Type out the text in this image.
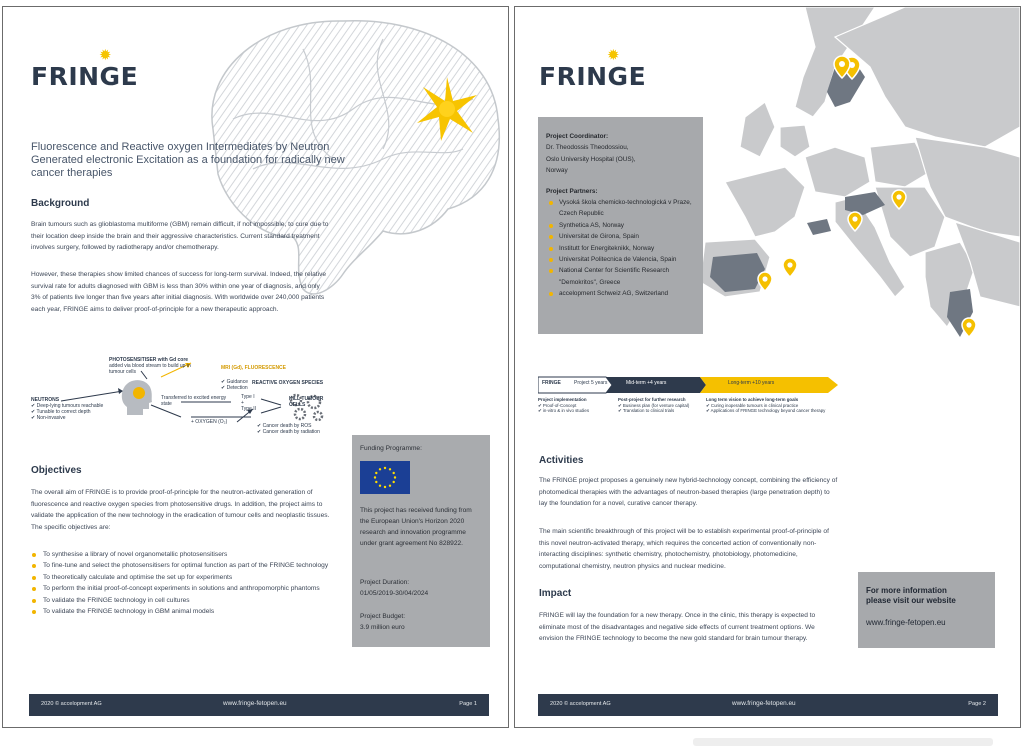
✹
FRINGE
Fluorescence and Reactive oxygen Intermediates by Neutron Generated electronic Excitation as a foundation for radically new cancer therapies
Background

Brain tumours such as glioblastoma multiforme (GBM) remain difficult, if not impossible, to cure due to their location deep inside the brain and their aggressive characteristics. Current standard treatment involves surgery, followed by radiotherapy and/or chemotherapy.

However, these therapies show limited chances of success for long-term survival. Indeed, the relative survival rate for adults diagnosed with GBM is less than 30% within one year of diagnosis, and only 3% of patients live longer than five years after initial diagnosis. With worldwide over 240,000 patients each year, FRINGE aims to deliver proof-of-principle for a new therapeutic approach.

PHOTOSENSITISER with Gd core
added via blood stream to build up in tumour cells
MRI (Gd), FLUORESCENCE
✔ Guidance
✔ Detection
REACTIVE OXYGEN SPECIES
NEUTRONS
✔ Deep-lying tumours reachable
✔ Tunable to correct depth
✔ Non-invasive
Transferred to excited energy state
Type I
+
Type II
KILL TUMOUR CELLS
+ OXYGEN (O₂)
✔ Cancer death by ROS
✔ Cancer death by radiation
Objectives

The overall aim of FRINGE is to provide proof-of-principle for the neutron-activated generation of fluorescence and reactive oxygen species from photosensitive drugs. In addition, the project aims to validate the application of the new technology in the eradication of tumour cells and neoplastic tissues. The specific objectives are:

To synthesise a library of novel organometallic photosensitisers
To fine-tune and select the photosensitisers for optimal function as part of the FRINGE technology
To theoretically calculate and optimise the set up for experiments
To perform the initial proof-of-concept experiments in solutions and anthropomorphic phantoms
To validate the FRINGE technology in cell cultures
To validate the FRINGE technology in GBM animal models
Funding Programme:
This project has received funding from the European Union's Horizon 2020 research and innovation programme under grant agreement No 828922.
Project Duration:
01/05/2019-30/04/2024
Project Budget:
3.9 million euro
2020 © accelopment AG	www.fringe-fetopen.eu	Page 1
✹
FRINGE
Project Coordinator:
Dr. Theodossis Theodossiou,
Oslo University Hospital (OUS),
Norway
Project Partners:
Vysoká škola chemicko-technologická v Praze, Czech Republic
Synthetica AS, Norway
Universitat de Girona, Spain
Institutt for Energiteknikk, Norway
Universitat Politecnica de Valencia, Spain
National Center for Scientific Research "Demokritos", Greece
accelopment Schweiz AG, Switzerland
FRINGE	Project 5 years	Mid-term +4 years	Long-term +10 years
Project implementation
✔ Proof-of-Concept
✔ in-vitro & in vivo studies
Post-project for further research
✔ Business plan (for venture capital)
✔ Translation to clinical trials
Long term vision to achieve long-term goals
✔ Curing inoperable tumours in clinical practice
✔ Applications of FRINGE technology beyond cancer therapy
Activities

The FRINGE project proposes a genuinely new hybrid-technology concept, combining the efficiency of photomedical therapies with the advantages of neutron-based therapies (large penetration depth) to lay the foundation for a novel, curative cancer therapy.

The main scientific breakthrough of this project will be to establish experimental proof-of-principle of this novel neutron-activated therapy, which requires the concerted action of conventionally non-interacting disciplines: synthetic chemistry, photochemistry, photobiology, photomedicine, computational chemistry, neutron physics and nuclear medicine.

Impact

FRINGE will lay the foundation for a new therapy. Once in the clinic, this therapy is expected to eliminate most of the disadvantages and negative side effects of current treatment options. We envision the FRINGE technology to become the new gold standard for brain tumour therapy.

For more information
please visit our website
www.fringe-fetopen.eu
2020 © accelopment AG	www.fringe-fetopen.eu	Page 2
